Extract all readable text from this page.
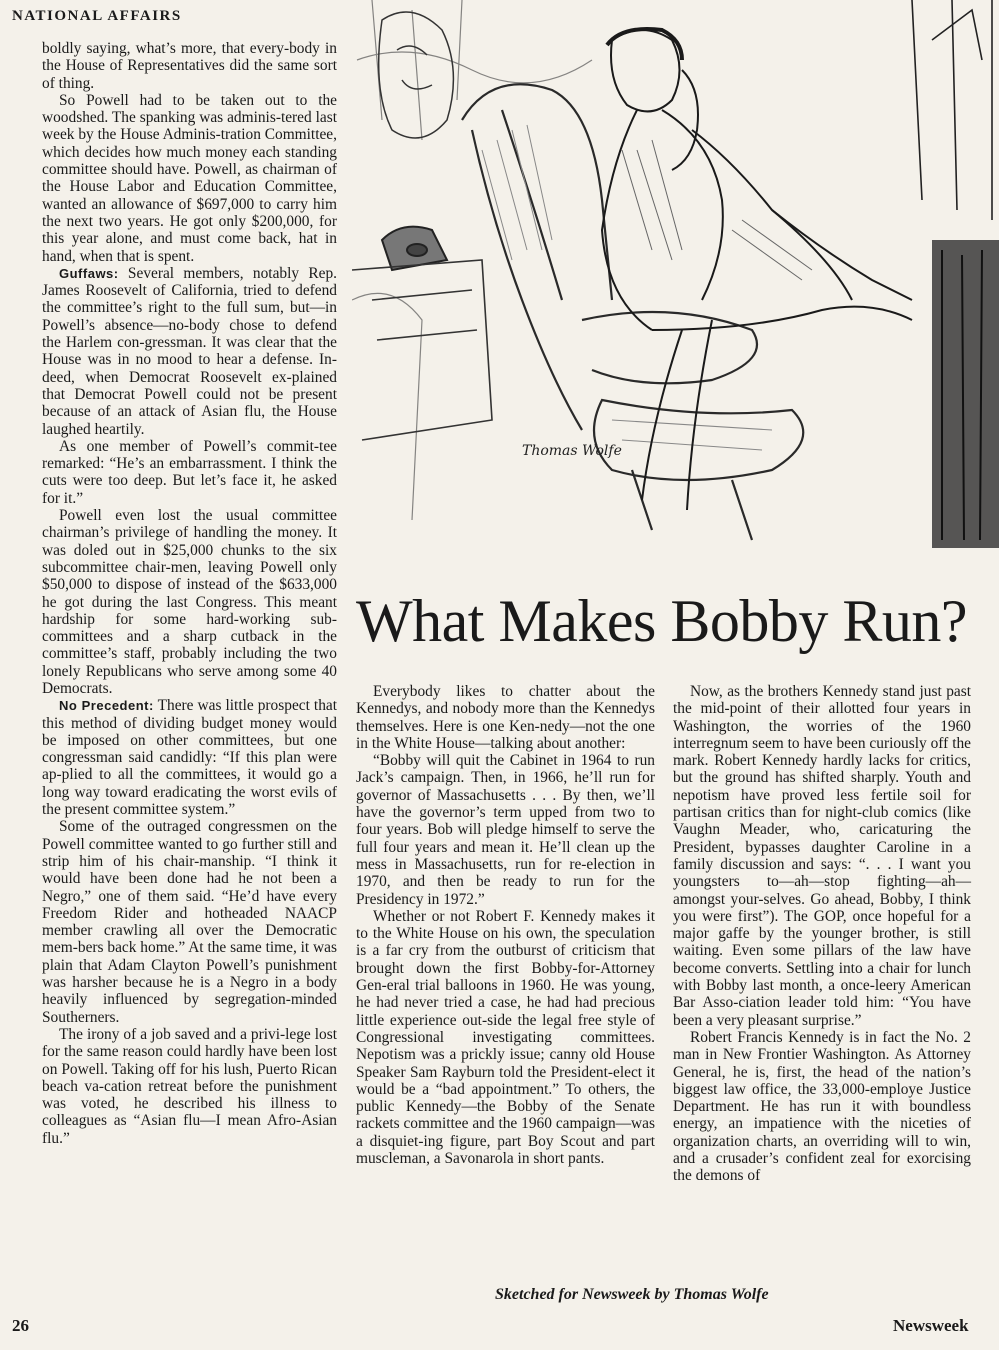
NATIONAL AFFAIRS

boldly saying, what’s more, that every-body in the House of Representatives did the same sort of thing.

So Powell had to be taken out to the woodshed. The spanking was adminis-tered last week by the House Adminis-tration Committee, which decides how much money each standing committee should have. Powell, as chairman of the House Labor and Education Committee, wanted an allowance of $697,000 to carry him the next two years. He got only $200,000, for this year alone, and must come back, hat in hand, when that is spent.

Guffaws: Several members, notably Rep. James Roosevelt of California, tried to defend the committee’s right to the full sum, but—in Powell’s absence—no-body chose to defend the Harlem con-gressman. It was clear that the House was in no mood to hear a defense. In-deed, when Democrat Roosevelt ex-plained that Democrat Powell could not be present because of an attack of Asian flu, the House laughed heartily.

As one member of Powell’s commit-tee remarked: “He’s an embarrassment. I think the cuts were too deep. But let’s face it, he asked for it.”

Powell even lost the usual committee chairman’s privilege of handling the money. It was doled out in $25,000 chunks to the six subcommittee chair-men, leaving Powell only $50,000 to dispose of instead of the $633,000 he got during the last Congress. This meant hardship for some hard-working sub-committees and a sharp cutback in the committee’s staff, probably including the two lonely Republicans who serve among some 40 Democrats.

No Precedent: There was little prospect that this method of dividing budget money would be imposed on other committees, but one congressman said candidly: “If this plan were ap-plied to all the committees, it would go a long way toward eradicating the worst evils of the present committee system.”

Some of the outraged congressmen on the Powell committee wanted to go further still and strip him of his chair-manship. “I think it would have been done had he not been a Negro,” one of them said. “He’d have every Freedom Rider and hotheaded NAACP member crawling all over the Democratic mem-bers back home.” At the same time, it was plain that Adam Clayton Powell’s punishment was harsher because he is a Negro in a body heavily influenced by segregation-minded Southerners.

The irony of a job saved and a privi-lege lost for the same reason could hardly have been lost on Powell. Taking off for his lush, Puerto Rican beach va-cation retreat before the punishment was voted, he described his illness to colleagues as “Asian flu—I mean Afro-Asian flu.”

Thomas Wolfe
What Makes Bobby Run?

Everybody likes to chatter about the Kennedys, and nobody more than the Kennedys themselves. Here is one Ken-nedy—not the one in the White House—talking about another:

“Bobby will quit the Cabinet in 1964 to run Jack’s campaign. Then, in 1966, he’ll run for governor of Massachusetts . . . By then, we’ll have the governor’s term upped from two to four years. Bob will pledge himself to serve the full four years and mean it. He’ll clean up the mess in Massachusetts, run for re-election in 1970, and then be ready to run for the Presidency in 1972.”

Whether or not Robert F. Kennedy makes it to the White House on his own, the speculation is a far cry from the outburst of criticism that brought down the first Bobby-for-Attorney Gen-eral trial balloons in 1960. He was young, he had never tried a case, he had had precious little experience out-side the legal free style of Congressional investigating committees. Nepotism was a prickly issue; canny old House Speaker Sam Rayburn told the President-elect it would be a “bad appointment.” To others, the public Kennedy—the Bobby of the Senate rackets committee and the 1960 campaign—was a disquiet-ing figure, part Boy Scout and part muscleman, a Savonarola in short pants.

Now, as the brothers Kennedy stand just past the mid-point of their allotted four years in Washington, the worries of the 1960 interregnum seem to have been curiously off the mark. Robert Kennedy hardly lacks for critics, but the ground has shifted sharply. Youth and nepotism have proved less fertile soil for partisan critics than for night-club comics (like Vaughn Meader, who, caricaturing the President, bypasses daughter Caroline in a family discussion and says: “. . . I want you youngsters to—ah—stop fighting—ah—amongst your-selves. Go ahead, Bobby, I think you were first”). The GOP, once hopeful for a major gaffe by the younger brother, is still waiting. Even some pillars of the law have become converts. Settling into a chair for lunch with Bobby last month, a once-leery American Bar Asso-ciation leader told him: “You have been a very pleasant surprise.”

Robert Francis Kennedy is in fact the No. 2 man in New Frontier Washington. As Attorney General, he is, first, the head of the nation’s biggest law office, the 33,000-employe Justice Department. He has run it with boundless energy, an impatience with the niceties of organization charts, an overriding will to win, and a crusader’s confident zeal for exorcising the demons of

Sketched for Newsweek by Thomas Wolfe
26	Newsweek
